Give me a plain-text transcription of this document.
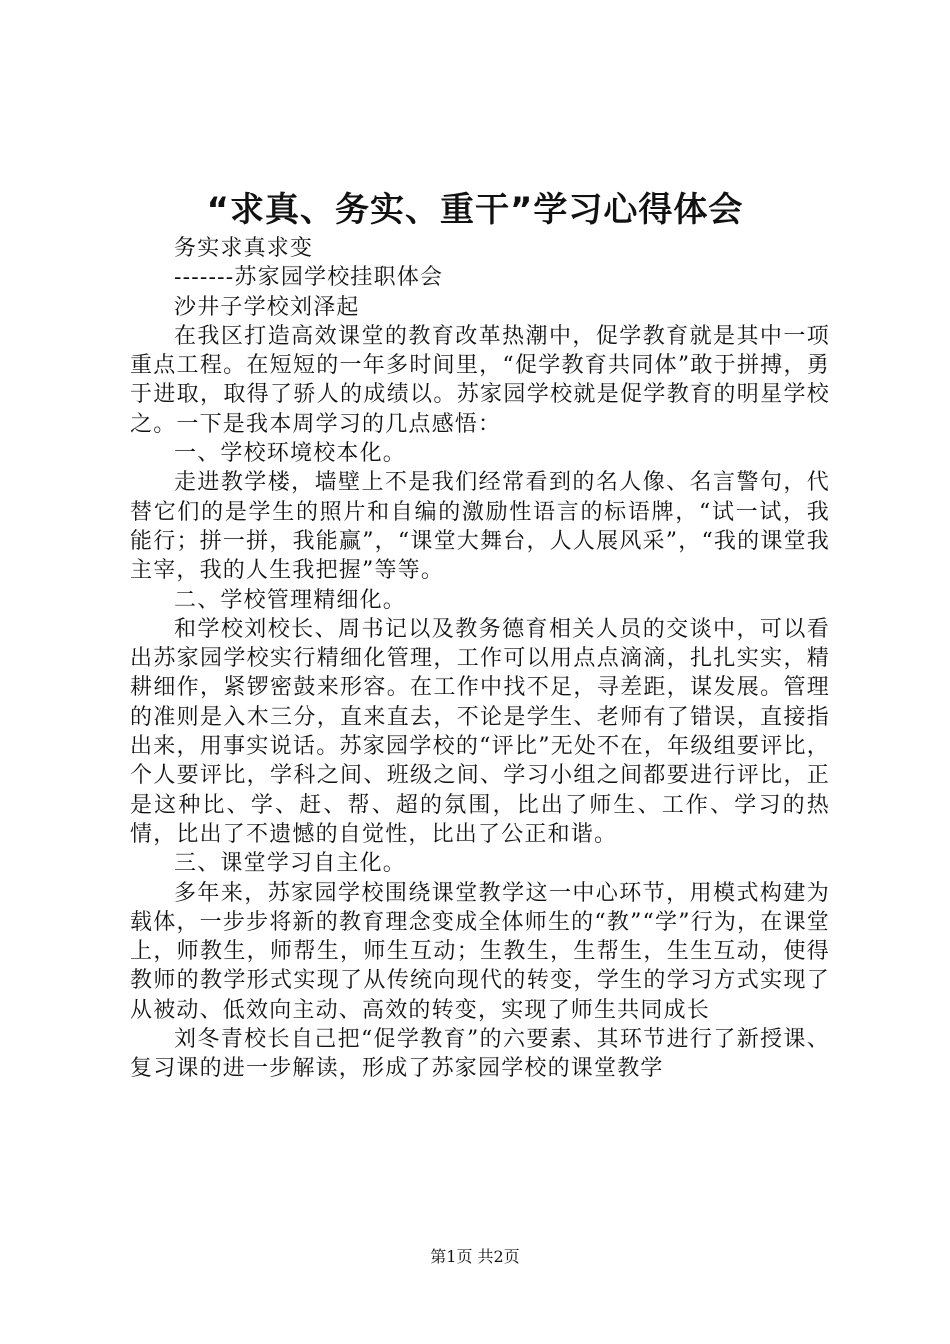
“求真、务实、重干”学习心得体会

务实求真求变

-------苏家园学校挂职体会

沙井子学校刘泽起

在我区打造高效课堂的教育改革热潮中，促学教育就是其中一项重点工程。在短短的一年多时间里，“促学教育共同体”敢于拼搏，勇于进取，取得了骄人的成绩以。苏家园学校就是促学教育的明星学校之。一下是我本周学习的几点感悟：

一、学校环境校本化。

走进教学楼，墙壁上不是我们经常看到的名人像、名言警句，代替它们的是学生的照片和自编的激励性语言的标语牌，“试一试，我能行；拼一拼，我能赢”，“课堂大舞台，人人展风采”，“我的课堂我主宰，我的人生我把握”等等。

二、学校管理精细化。

和学校刘校长、周书记以及教务德育相关人员的交谈中，可以看出苏家园学校实行精细化管理，工作可以用点点滴滴，扎扎实实，精耕细作，紧锣密鼓来形容。在工作中找不足，寻差距，谋发展。管理的准则是入木三分，直来直去，不论是学生、老师有了错误，直接指出来，用事实说话。苏家园学校的“评比”无处不在，年级组要评比，个人要评比，学科之间、班级之间、学习小组之间都要进行评比，正是这种比、学、赶、帮、超的氛围，比出了师生、工作、学习的热情，比出了不遗憾的自觉性，比出了公正和谐。

三、课堂学习自主化。

多年来，苏家园学校围绕课堂教学这一中心环节，用模式构建为载体，一步步将新的教育理念变成全体师生的“教”“学”行为，在课堂上，师教生，师帮生，师生互动；生教生，生帮生，生生互动，使得教师的教学形式实现了从传统向现代的转变，学生的学习方式实现了从被动、低效向主动、高效的转变，实现了师生共同成长

刘冬青校长自己把“促学教育”的六要素、其环节进行了新授课、复习课的进一步解读，形成了苏家园学校的课堂教学

第1页 共2页
